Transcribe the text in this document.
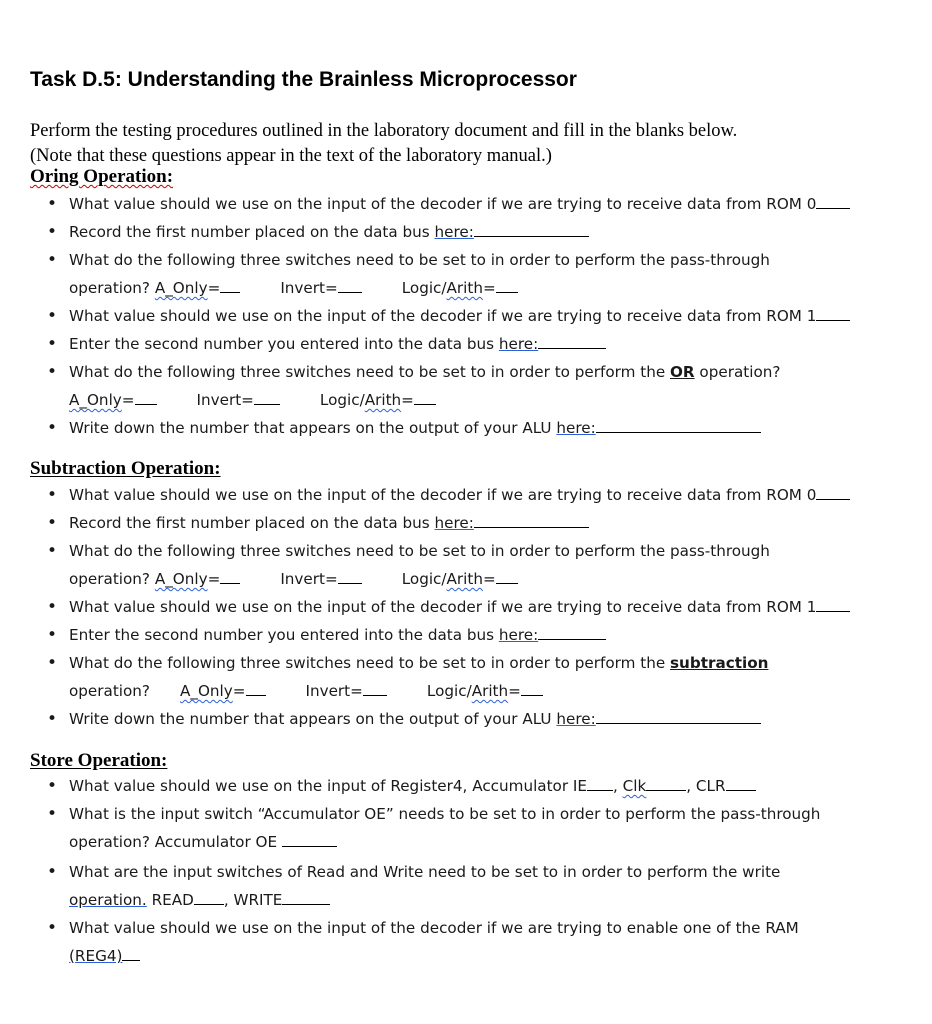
Task D.5: Understanding the Brainless Microprocessor
Perform the testing procedures outlined in the laboratory document and fill in the blanks below.
(Note that these questions appear in the text of the laboratory manual.)
Oring Operation:
• What value should we use on the input of the decoder if we are trying to receive data from ROM 0
• Record the first number placed on the data bus here:
• What do the following three switches need to be set to in order to perform the pass-through
operation? A_Only=	Invert=	Logic/Arith=
• What value should we use on the input of the decoder if we are trying to receive data from ROM 1
• Enter the second number you entered into the data bus here:
• What do the following three switches need to be set to in order to perform the OR operation?
A_Only=	Invert=	Logic/Arith=
• Write down the number that appears on the output of your ALU here:
Subtraction Operation:
• What value should we use on the input of the decoder if we are trying to receive data from ROM 0
• Record the first number placed on the data bus here:
• What do the following three switches need to be set to in order to perform the pass-through
operation? A_Only=	Invert=	Logic/Arith=
• What value should we use on the input of the decoder if we are trying to receive data from ROM 1
• Enter the second number you entered into the data bus here:
• What do the following three switches need to be set to in order to perform the subtraction
operation? A_Only=	Invert=	Logic/Arith=
• Write down the number that appears on the output of your ALU here:
Store Operation:
• What value should we use on the input of Register4, Accumulator IE , Clk	, CLR
• What is the input switch “Accumulator OE” needs to be set to in order to perform the pass-through
operation? Accumulator OE
• What are the input switches of Read and Write need to be set to in order to perform the write
operation. READ , WRITE
• What value should we use on the input of the decoder if we are trying to enable one of the RAM
(REG4)
